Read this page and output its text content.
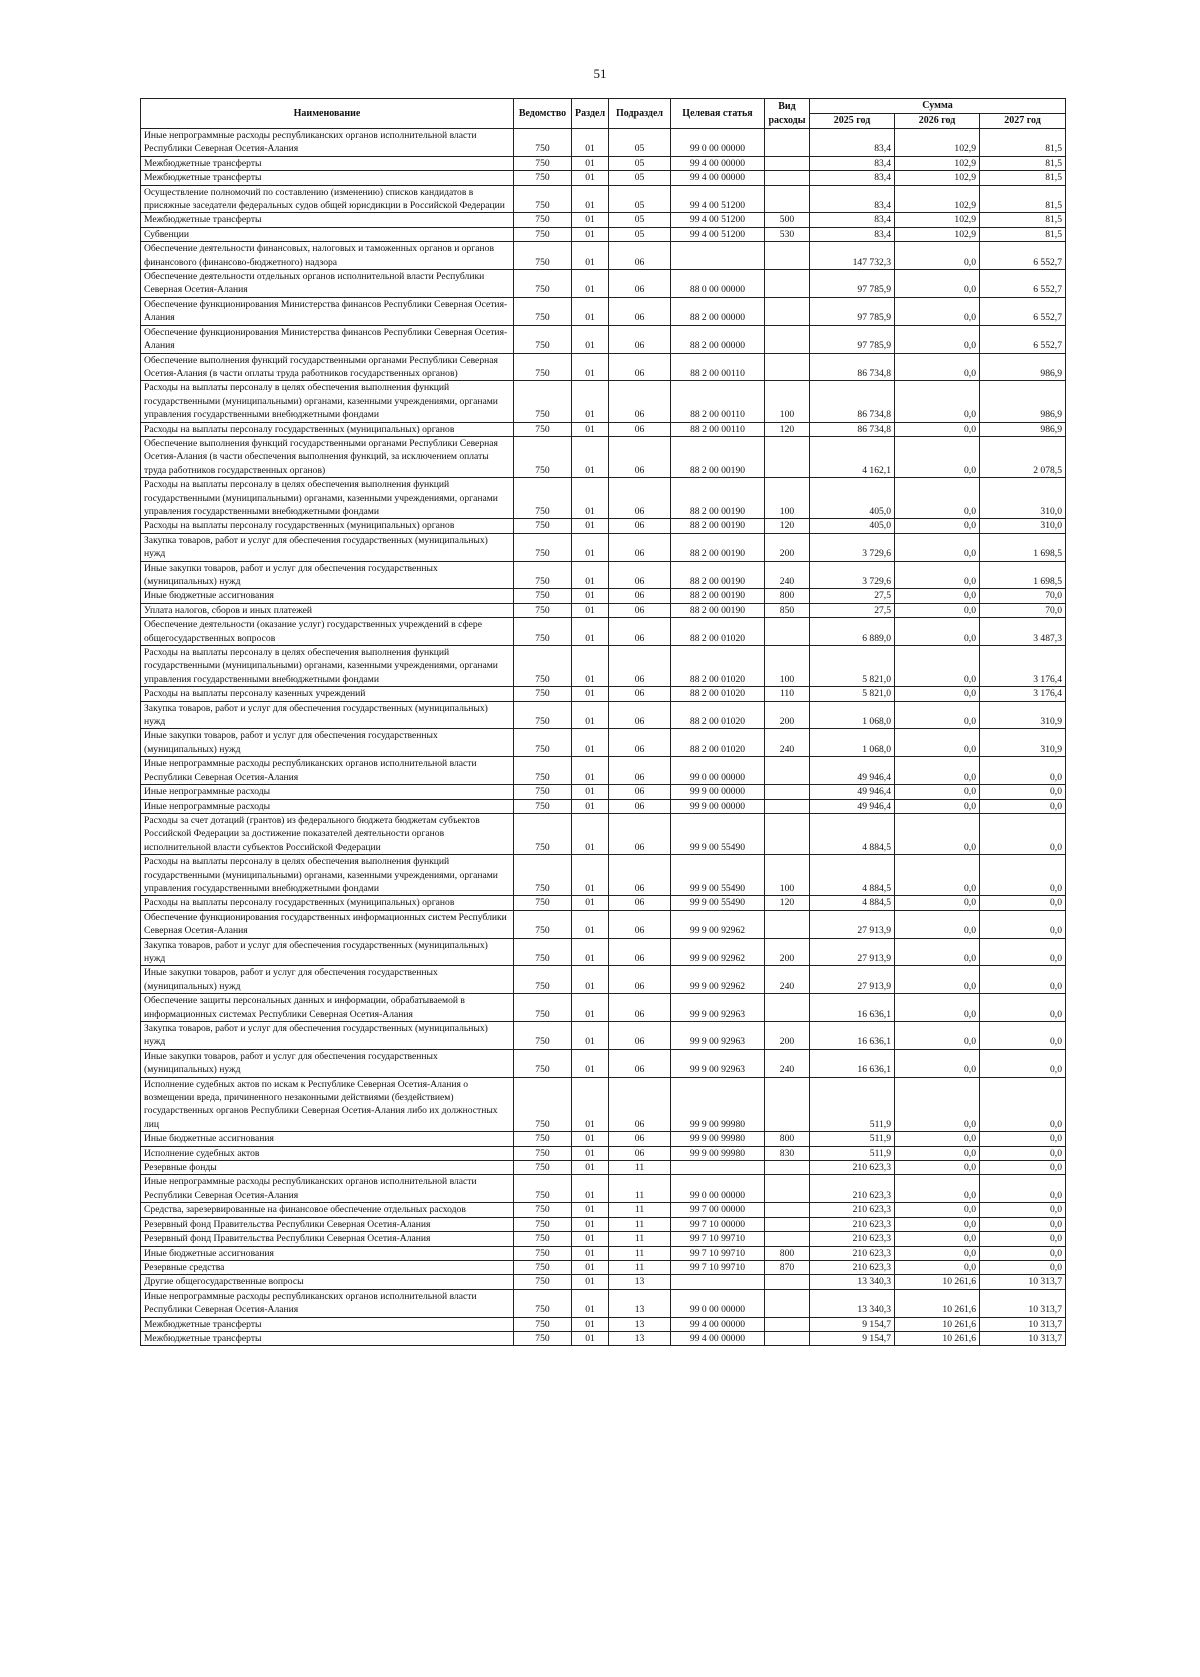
51
Наименование	Ведомство	Раздел	Подраздел	Целевая статья	Вид расходы	Сумма		
						2025 год	2026 год	2027 год
Иные непрограммные расходы республиканских органов исполнительной власти Республики Северная Осетия-Алания	750	01	05	99 0 00 00000		83,4	102,9	81,5
Межбюджетные трансферты	750	01	05	99 4 00 00000		83,4	102,9	81,5
Межбюджетные трансферты	750	01	05	99 4 00 00000		83,4	102,9	81,5
Осуществление полномочий по составлению (изменению) списков кандидатов в присяжные заседатели федеральных судов общей юрисдикции в Российской Федерации	750	01	05	99 4 00 51200		83,4	102,9	81,5
Межбюджетные трансферты	750	01	05	99 4 00 51200	500	83,4	102,9	81,5
Субвенции	750	01	05	99 4 00 51200	530	83,4	102,9	81,5
Обеспечение деятельности финансовых, налоговых и таможенных органов и органов финансового (финансово-бюджетного) надзора	750	01	06			147 732,3	0,0	6 552,7
Обеспечение деятельности отдельных органов исполнительной власти Республики Северная Осетия-Алания	750	01	06	88 0 00 00000		97 785,9	0,0	6 552,7
Обеспечение функционирования Министерства финансов Республики Северная Осетия-Алания	750	01	06	88 2 00 00000		97 785,9	0,0	6 552,7
Обеспечение функционирования Министерства финансов Республики Северная Осетия-Алания	750	01	06	88 2 00 00000		97 785,9	0,0	6 552,7
Обеспечение выполнения функций государственными органами Республики Северная Осетия-Алания (в части оплаты труда работников государственных органов)	750	01	06	88 2 00 00110		86 734,8	0,0	986,9
Расходы на выплаты персоналу в целях обеспечения выполнения функций государственными (муниципальными) органами, казенными учреждениями, органами управления государственными внебюджетными фондами	750	01	06	88 2 00 00110	100	86 734,8	0,0	986,9
Расходы на выплаты персоналу государственных (муниципальных) органов	750	01	06	88 2 00 00110	120	86 734,8	0,0	986,9
Обеспечение выполнения функций государственными органами Республики Северная Осетия-Алания (в части обеспечения выполнения функций, за исключением оплаты труда работников государственных органов)	750	01	06	88 2 00 00190		4 162,1	0,0	2 078,5
Расходы на выплаты персоналу в целях обеспечения выполнения функций государственными (муниципальными) органами, казенными учреждениями, органами управления государственными внебюджетными фондами	750	01	06	88 2 00 00190	100	405,0	0,0	310,0
Расходы на выплаты персоналу государственных (муниципальных) органов	750	01	06	88 2 00 00190	120	405,0	0,0	310,0
Закупка товаров, работ и услуг для обеспечения государственных (муниципальных) нужд	750	01	06	88 2 00 00190	200	3 729,6	0,0	1 698,5
Иные закупки товаров, работ и услуг для обеспечения государственных (муниципальных) нужд	750	01	06	88 2 00 00190	240	3 729,6	0,0	1 698,5
Иные бюджетные ассигнования	750	01	06	88 2 00 00190	800	27,5	0,0	70,0
Уплата налогов, сборов и иных платежей	750	01	06	88 2 00 00190	850	27,5	0,0	70,0
Обеспечение деятельности (оказание услуг) государственных учреждений в сфере общегосударственных вопросов	750	01	06	88 2 00 01020		6 889,0	0,0	3 487,3
Расходы на выплаты персоналу в целях обеспечения выполнения функций государственными (муниципальными) органами, казенными учреждениями, органами управления государственными внебюджетными фондами	750	01	06	88 2 00 01020	100	5 821,0	0,0	3 176,4
Расходы на выплаты персоналу казенных учреждений	750	01	06	88 2 00 01020	110	5 821,0	0,0	3 176,4
Закупка товаров, работ и услуг для обеспечения государственных (муниципальных) нужд	750	01	06	88 2 00 01020	200	1 068,0	0,0	310,9
Иные закупки товаров, работ и услуг для обеспечения государственных (муниципальных) нужд	750	01	06	88 2 00 01020	240	1 068,0	0,0	310,9
Иные непрограммные расходы республиканских органов исполнительной власти Республики Северная Осетия-Алания	750	01	06	99 0 00 00000		49 946,4	0,0	0,0
Иные непрограммные расходы	750	01	06	99 9 00 00000		49 946,4	0,0	0,0
Иные непрограммные расходы	750	01	06	99 9 00 00000		49 946,4	0,0	0,0
Расходы за счет дотаций (грантов) из федерального бюджета бюджетам субъектов Российской Федерации за достижение показателей деятельности органов исполнительной власти субъектов Российской Федерации	750	01	06	99 9 00 55490		4 884,5	0,0	0,0
Расходы на выплаты персоналу в целях обеспечения выполнения функций государственными (муниципальными) органами, казенными учреждениями, органами управления государственными внебюджетными фондами	750	01	06	99 9 00 55490	100	4 884,5	0,0	0,0
Расходы на выплаты персоналу государственных (муниципальных) органов	750	01	06	99 9 00 55490	120	4 884,5	0,0	0,0
Обеспечение функционирования государственных информационных систем Республики Северная Осетия-Алания	750	01	06	99 9 00 92962		27 913,9	0,0	0,0
Закупка товаров, работ и услуг для обеспечения государственных (муниципальных) нужд	750	01	06	99 9 00 92962	200	27 913,9	0,0	0,0
Иные закупки товаров, работ и услуг для обеспечения государственных (муниципальных) нужд	750	01	06	99 9 00 92962	240	27 913,9	0,0	0,0
Обеспечение защиты персональных данных и информации, обрабатываемой в информационных системах Республики Северная Осетия-Алания	750	01	06	99 9 00 92963		16 636,1	0,0	0,0
Закупка товаров, работ и услуг для обеспечения государственных (муниципальных) нужд	750	01	06	99 9 00 92963	200	16 636,1	0,0	0,0
Иные закупки товаров, работ и услуг для обеспечения государственных (муниципальных) нужд	750	01	06	99 9 00 92963	240	16 636,1	0,0	0,0
Исполнение судебных актов по искам к Республике Северная Осетия-Алания о возмещении вреда, причиненного незаконными действиями (бездействием) государственных органов Республики Северная Осетия-Алания либо их должностных лиц	750	01	06	99 9 00 99980		511,9	0,0	0,0
Иные бюджетные ассигнования	750	01	06	99 9 00 99980	800	511,9	0,0	0,0
Исполнение судебных актов	750	01	06	99 9 00 99980	830	511,9	0,0	0,0
Резервные фонды	750	01	11			210 623,3	0,0	0,0
Иные непрограммные расходы республиканских органов исполнительной власти Республики Северная Осетия-Алания	750	01	11	99 0 00 00000		210 623,3	0,0	0,0
Средства, зарезервированные на финансовое обеспечение отдельных расходов	750	01	11	99 7 00 00000		210 623,3	0,0	0,0
Резервный фонд Правительства Республики Северная Осетия-Алания	750	01	11	99 7 10 00000		210 623,3	0,0	0,0
Резервный фонд Правительства Республики Северная Осетия-Алания	750	01	11	99 7 10 99710		210 623,3	0,0	0,0
Иные бюджетные ассигнования	750	01	11	99 7 10 99710	800	210 623,3	0,0	0,0
Резервные средства	750	01	11	99 7 10 99710	870	210 623,3	0,0	0,0
Другие общегосударственные вопросы	750	01	13			13 340,3	10 261,6	10 313,7
Иные непрограммные расходы республиканских органов исполнительной власти Республики Северная Осетия-Алания	750	01	13	99 0 00 00000		13 340,3	10 261,6	10 313,7
Межбюджетные трансферты	750	01	13	99 4 00 00000		9 154,7	10 261,6	10 313,7
Межбюджетные трансферты	750	01	13	99 4 00 00000		9 154,7	10 261,6	10 313,7
